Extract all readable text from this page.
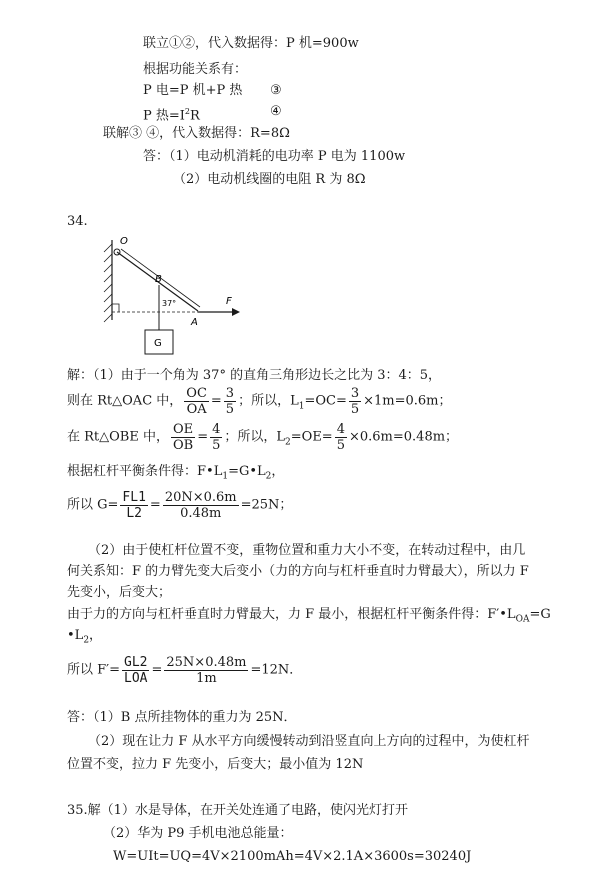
联立①②，代入数据得：P 机=900w
根据功能关系有：
P 电=P 机+P 热 ③
P 热$=I^2R$	④
联解③ ④，代入数据得：R=8Ω
答：（1）电动机消耗的电功率 P 电为 1100w
（2）电动机线圈的电阻 R 为 8Ω
34.
O
B
37°
A
F
G
解：（1）由于一个角为 37° 的直角三角形边长之比为 3：4：5，
则在 Rt△OAC 中， $\frac{OC}{OA} = \frac{3}{5}$ ；所以，$L_1=OC= \frac{3}{5} \times 1m=0.6m$；
在 Rt△OBE 中， $\frac{OE}{OB} = \frac{4}{5}$ ；所以，$L_2=OE= \frac{4}{5} \times 0.6m=0.48m$；
根据杠杆平衡条件得：$F•L_1=G•L_2$，
所以 $G= \frac{FL1}{L2} = \frac{20N\times 0.6m}{0.48m} =25N$；
（2）由于使杠杆位置不变，重物位置和重力大小不变，在转动过程中，由几
何关系知：F 的力臂先变大后变小（力的方向与杠杆垂直时力臂最大），所以力 F
先变小，后变大；
由于力的方向与杠杆垂直时力臂最大，力 F 最小，根据杠杆平衡条件得：$F'•L_{OA}=G$
$•L_2$，
所以 $F'= \frac{GL2}{\text{LOA}} = \frac{25N\times 0.48m}{1m} =12N$．
答：（1）B 点所挂物体的重力为 25N．
（2）现在让力 F 从水平方向缓慢转动到沿竖直向上方向的过程中，为使杠杆
位置不变，拉力 F 先变小，后变大；最小值为 12N
35.解（1）水是导体，在开关处连通了电路，使闪光灯打开
（2）华为 P9 手机电池总能量：
W=UIt=UQ=4V×2100mAh=4V×2.1A×3600s=30240J
